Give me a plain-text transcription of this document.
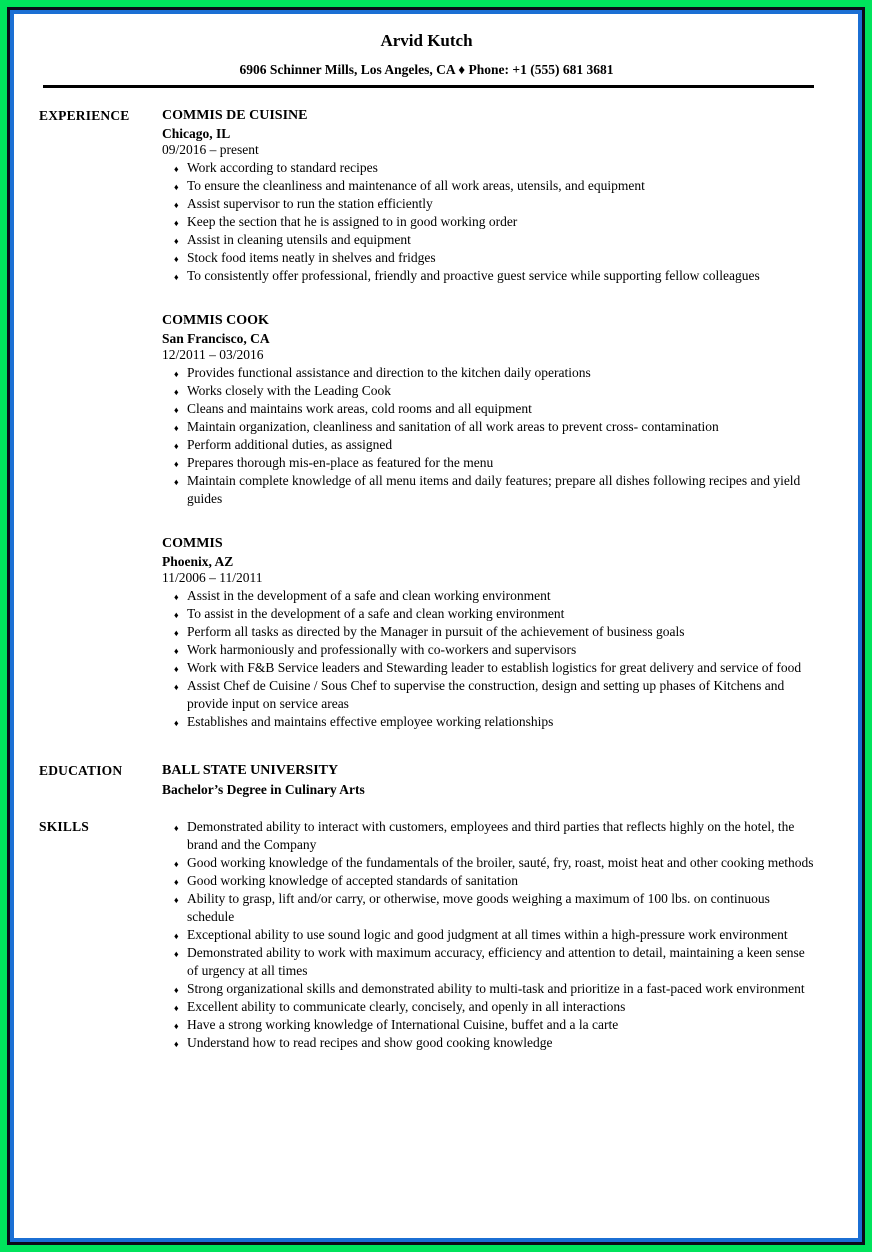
Arvid Kutch

6906 Schinner Mills, Los Angeles, CA ♦ Phone: +1 (555) 681 3681

EXPERIENCE	COMMIS DE CUISINE
Chicago, IL
09/2016 – present
♦ Work according to standard recipes
♦ To ensure the cleanliness and maintenance of all work areas, utensils, and equipment
♦ Assist supervisor to run the station efficiently
♦ Keep the section that he is assigned to in good working order
♦ Assist in cleaning utensils and equipment
♦ Stock food items neatly in shelves and fridges
♦ To consistently offer professional, friendly and proactive guest service while supporting fellow colleagues
COMMIS COOK
San Francisco, CA
12/2011 – 03/2016
♦ Provides functional assistance and direction to the kitchen daily operations
♦ Works closely with the Leading Cook
♦ Cleans and maintains work areas, cold rooms and all equipment
♦ Maintain organization, cleanliness and sanitation of all work areas to prevent cross- contamination
♦ Perform additional duties, as assigned
♦ Prepares thorough mis-en-place as featured for the menu
♦ Maintain complete knowledge of all menu items and daily features; prepare all dishes following recipes and yield guides
COMMIS
Phoenix, AZ
11/2006 – 11/2011
♦ Assist in the development of a safe and clean working environment
♦ To assist in the development of a safe and clean working environment
♦ Perform all tasks as directed by the Manager in pursuit of the achievement of business goals
♦ Work harmoniously and professionally with co-workers and supervisors
♦ Work with F&B Service leaders and Stewarding leader to establish logistics for great delivery and service of food
♦ Assist Chef de Cuisine / Sous Chef to supervise the construction, design and setting up phases of Kitchens and provide input on service areas
♦ Establishes and maintains effective employee working relationships
EDUCATION	BALL STATE UNIVERSITY

Bachelor’s Degree in Culinary Arts

SKILLS	♦ Demonstrated ability to interact with customers, employees and third parties that reflects highly on the hotel, the brand and the Company
♦ Good working knowledge of the fundamentals of the broiler, sauté, fry, roast, moist heat and other cooking methods
♦ Good working knowledge of accepted standards of sanitation
♦ Ability to grasp, lift and/or carry, or otherwise, move goods weighing a maximum of 100 lbs. on continuous schedule
♦ Exceptional ability to use sound logic and good judgment at all times within a high-pressure work environment
♦ Demonstrated ability to work with maximum accuracy, efficiency and attention to detail, maintaining a keen sense of urgency at all times
♦ Strong organizational skills and demonstrated ability to multi-task and prioritize in a fast-paced work environment
♦ Excellent ability to communicate clearly, concisely, and openly in all interactions
♦ Have a strong working knowledge of International Cuisine, buffet and a la carte
♦ Understand how to read recipes and show good cooking knowledge
